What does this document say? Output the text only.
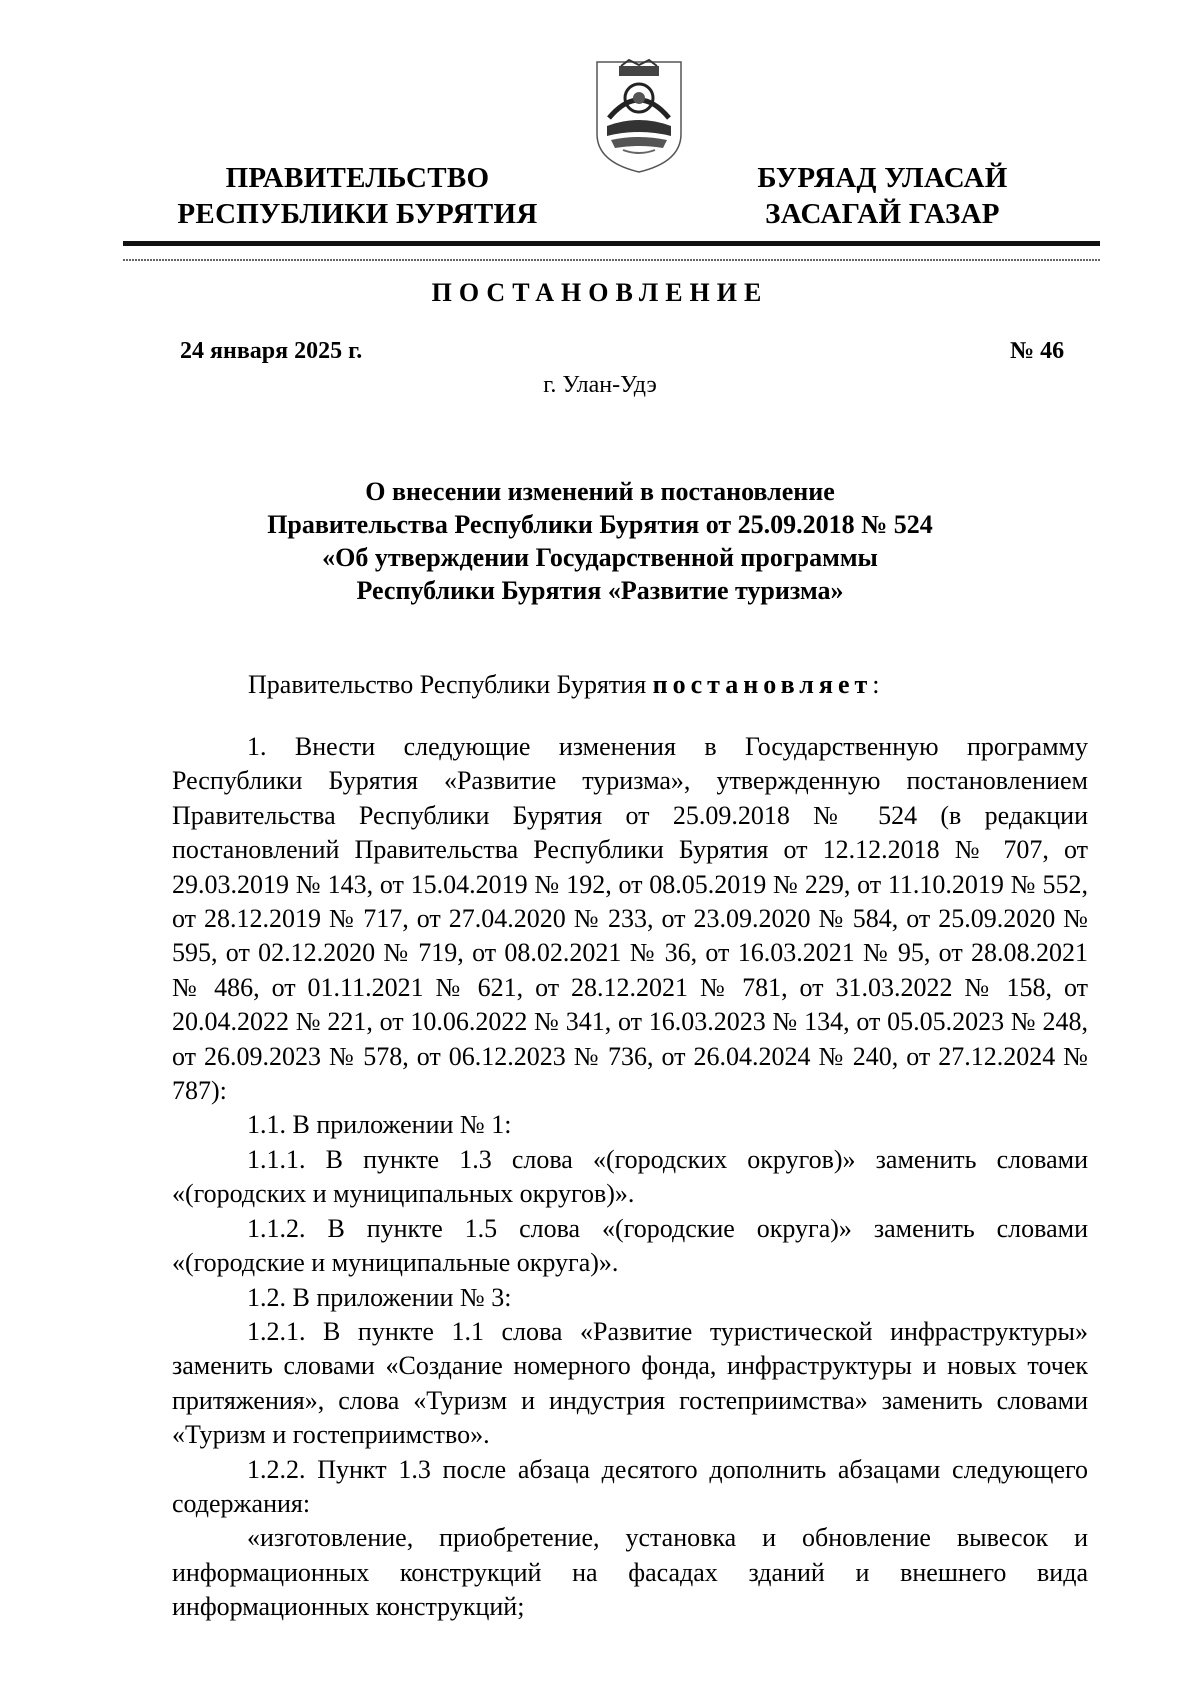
ПРАВИТЕЛЬСТВО
РЕСПУБЛИКИ БУРЯТИЯ
БУРЯАД УЛАСАЙ
ЗАСАГАЙ ГАЗАР
ПОСТАНОВЛЕНИЕ
24 января 2025 г.	№ 46
г. Улан-Удэ
О внесении изменений в постановление
Правительства Республики Бурятия от 25.09.2018 № 524
«Об утверждении Государственной программы
Республики Бурятия «Развитие туризма»
Правительство Республики Бурятия постановляет:

1. Внести следующие изменения в Государственную программу Республики Бурятия «Развитие туризма», утвержденную постановлением Правительства Республики Бурятия от 25.09.2018 № 524 (в редакции постановлений Правительства Республики Бурятия от 12.12.2018 № 707, от 29.03.2019 № 143, от 15.04.2019 № 192, от 08.05.2019 № 229, от 11.10.2019 № 552, от 28.12.2019 № 717, от 27.04.2020 № 233, от 23.09.2020 № 584, от 25.09.2020 № 595, от 02.12.2020 № 719, от 08.02.2021 № 36, от 16.03.2021 № 95, от 28.08.2021 № 486, от 01.11.2021 № 621, от 28.12.2021 № 781, от 31.03.2022 № 158, от 20.04.2022 № 221, от 10.06.2022 № 341, от 16.03.2023 № 134, от 05.05.2023 № 248, от 26.09.2023 № 578, от 06.12.2023 № 736, от 26.04.2024 № 240, от 27.12.2024 № 787):

1.1. В приложении № 1:

1.1.1. В пункте 1.3 слова «(городских округов)» заменить словами «(городских и муниципальных округов)».

1.1.2. В пункте 1.5 слова «(городские округа)» заменить словами «(городские и муниципальные округа)».

1.2. В приложении № 3:

1.2.1. В пункте 1.1 слова «Развитие туристической инфраструктуры» заменить словами «Создание номерного фонда, инфраструктуры и новых точек притяжения», слова «Туризм и индустрия гостеприимства» заменить словами «Туризм и гостеприимство».

1.2.2. Пункт 1.3 после абзаца десятого дополнить абзацами следующего содержания:

«изготовление, приобретение, установка и обновление вывесок и информационных конструкций на фасадах зданий и внешнего вида информационных конструкций;
